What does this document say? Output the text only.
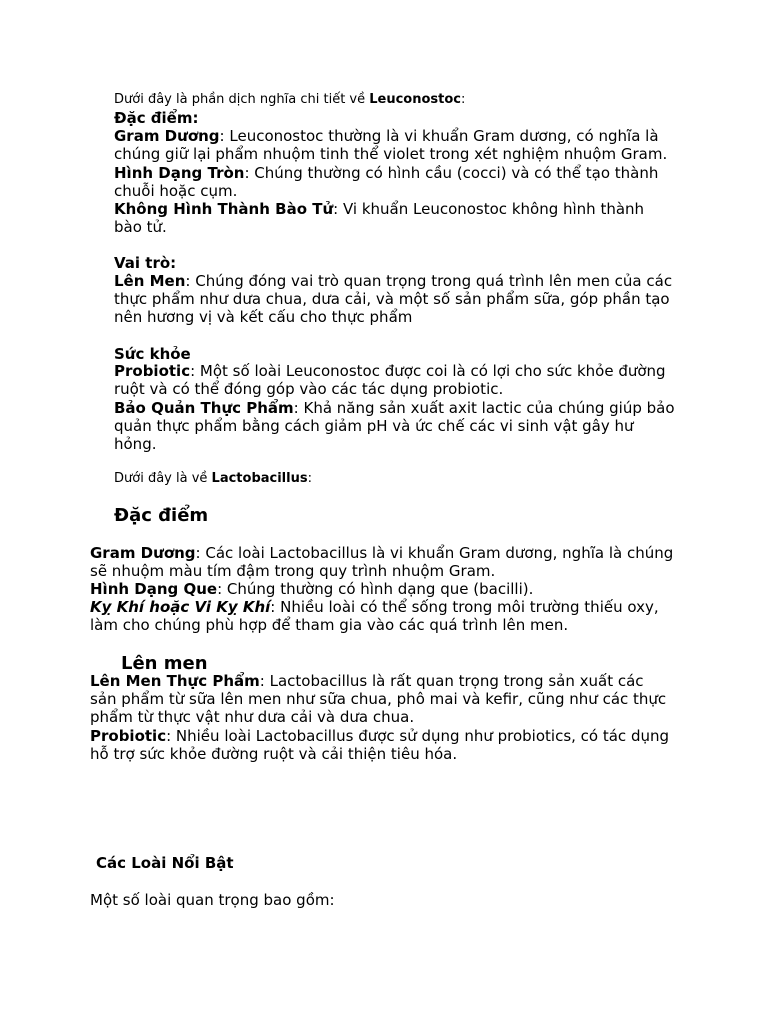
Dưới đây là phần dịch nghĩa chi tiết về Leuconostoc:
Đặc điểm:
Gram Dương: Leuconostoc thường là vi khuẩn Gram dương, có nghĩa là
chúng giữ lại phẩm nhuộm tinh thể violet trong xét nghiệm nhuộm Gram.
Hình Dạng Tròn: Chúng thường có hình cầu (cocci) và có thể tạo thành
chuỗi hoặc cụm.
Không Hình Thành Bào Tử: Vi khuẩn Leuconostoc không hình thành
bào tử.
Vai trò:
Lên Men: Chúng đóng vai trò quan trọng trong quá trình lên men của các
thực phẩm như dưa chua, dưa cải, và một số sản phẩm sữa, góp phần tạo
nên hương vị và kết cấu cho thực phẩm
Sức khỏe
Probiotic: Một số loài Leuconostoc được coi là có lợi cho sức khỏe đường
ruột và có thể đóng góp vào các tác dụng probiotic.
Bảo Quản Thực Phẩm: Khả năng sản xuất axit lactic của chúng giúp bảo
quản thực phẩm bằng cách giảm pH và ức chế các vi sinh vật gây hư
hỏng.
Dưới đây là về Lactobacillus:
Đặc điểm
Gram Dương: Các loài Lactobacillus là vi khuẩn Gram dương, nghĩa là chúng
sẽ nhuộm màu tím đậm trong quy trình nhuộm Gram.
Hình Dạng Que: Chúng thường có hình dạng que (bacilli).
Kỵ Khí hoặc Vi Kỵ Khí: Nhiều loài có thể sống trong môi trường thiếu oxy,
làm cho chúng phù hợp để tham gia vào các quá trình lên men.
Lên men
Lên Men Thực Phẩm: Lactobacillus là rất quan trọng trong sản xuất các
sản phẩm từ sữa lên men như sữa chua, phô mai và kefir, cũng như các thực
phẩm từ thực vật như dưa cải và dưa chua.
Probiotic: Nhiều loài Lactobacillus được sử dụng như probiotics, có tác dụng
hỗ trợ sức khỏe đường ruột và cải thiện tiêu hóa.
Các Loài Nổi Bật
Một số loài quan trọng bao gồm:
